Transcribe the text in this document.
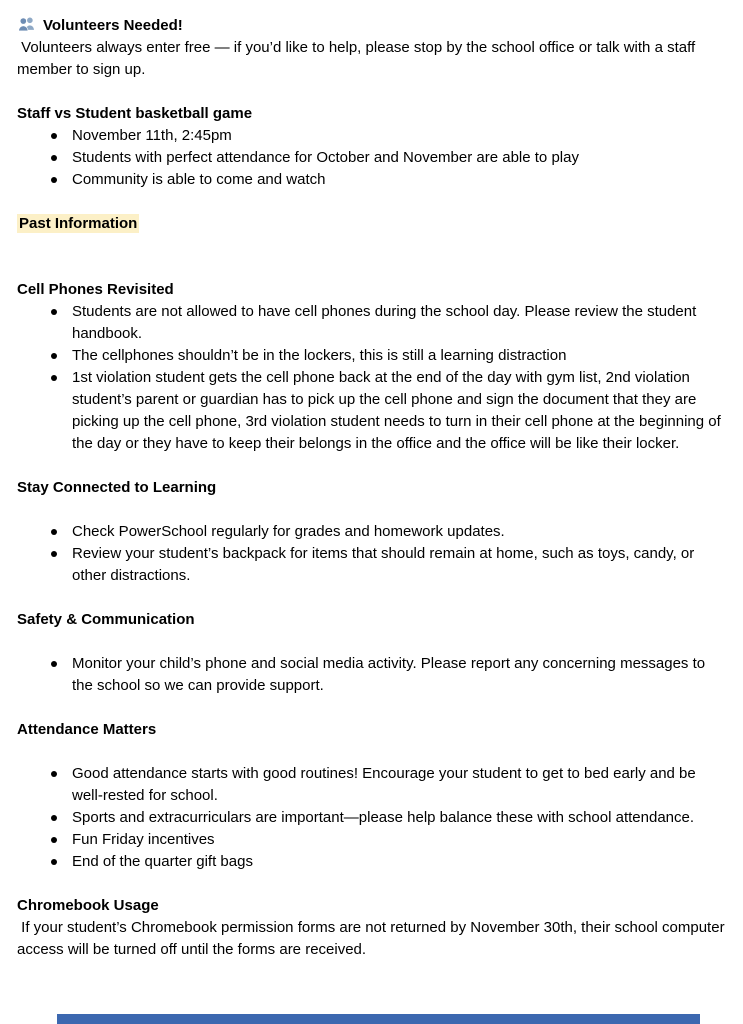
Volunteers Needed!

Volunteers always enter free — if you’d like to help, please stop by the school office or talk with a staff member to sign up.

Staff vs Student basketball game
November 11th, 2:45pm
Students with perfect attendance for October and November are able to play
Community is able to come and watch
Past Information
Cell Phones Revisited
Students are not allowed to have cell phones during the school day. Please review the student handbook.
The cellphones shouldn’t be in the lockers, this is still a learning distraction
1st violation student gets the cell phone back at the end of the day with gym list, 2nd violation student’s parent or guardian has to pick up the cell phone and sign the document that they are picking up the cell phone, 3rd violation student needs to turn in their cell phone at the beginning of the day or they have to keep their belongs in the office and the office will be like their locker.
Stay Connected to Learning
Check PowerSchool regularly for grades and homework updates.
Review your student’s backpack for items that should remain at home, such as toys, candy, or other distractions.
Safety & Communication
Monitor your child’s phone and social media activity. Please report any concerning messages to the school so we can provide support.
Attendance Matters
Good attendance starts with good routines! Encourage your student to get to bed early and be well-rested for school.
Sports and extracurriculars are important—please help balance these with school attendance.
Fun Friday incentives
End of the quarter gift bags
Chromebook Usage

If your student’s Chromebook permission forms are not returned by November 30th, their school computer access will be turned off until the forms are received.
